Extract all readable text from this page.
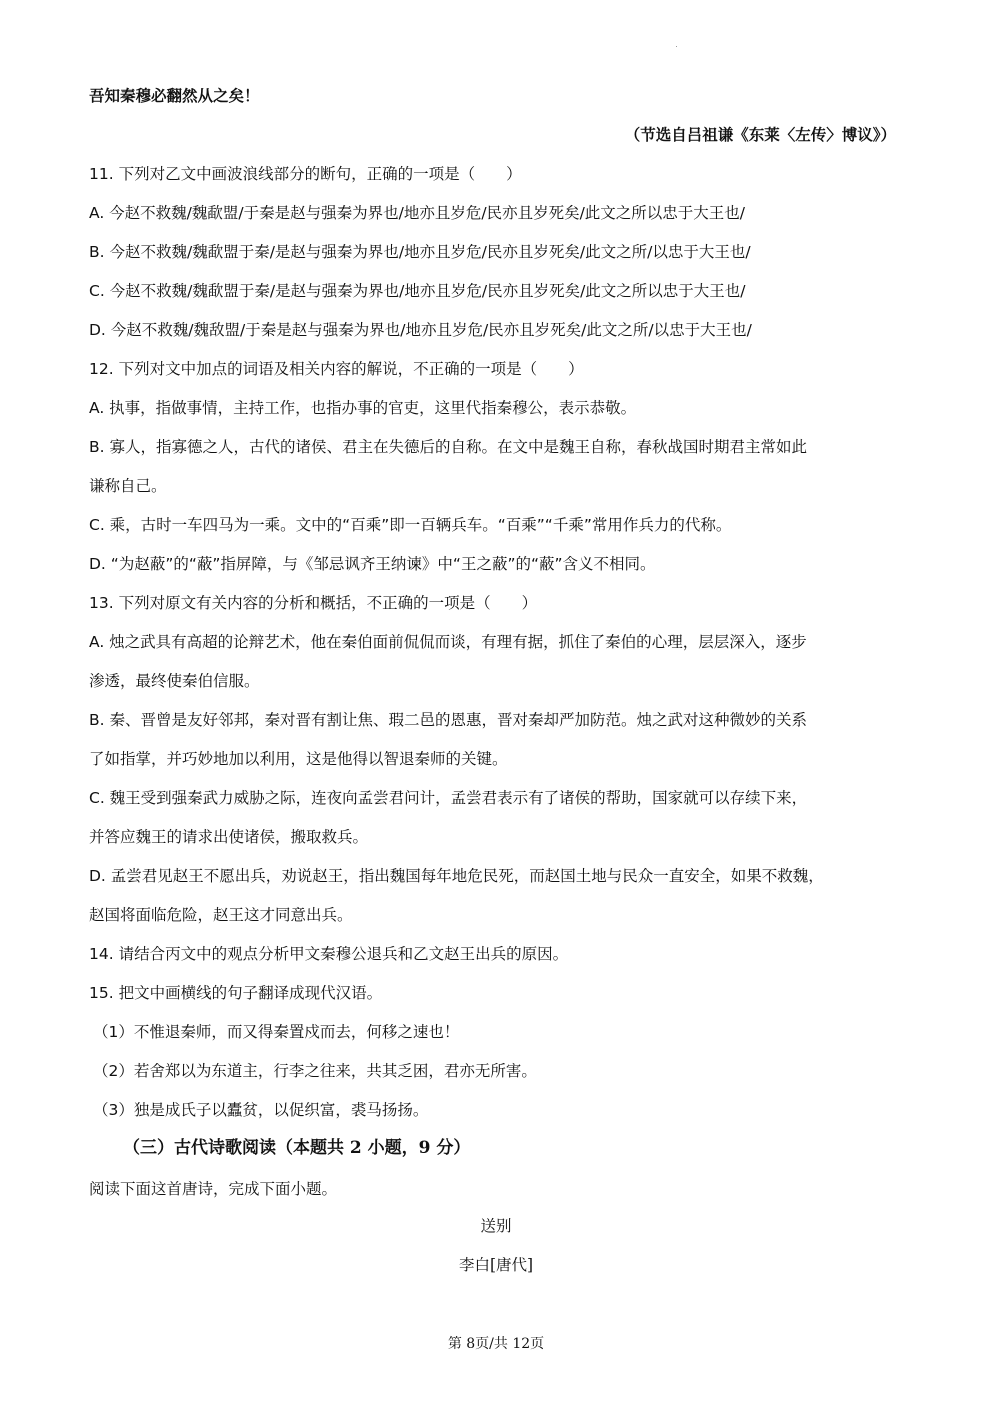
吾知秦穆必翻然从之矣！
（节选自吕祖谦《东莱〈左传〉博议》）
11. 下列对乙文中画波浪线部分的断句，正确的一项是（　　）
A. 今赵不救魏/魏歃盟/于秦是赵与强秦为界也/地亦且岁危/民亦且岁死矣/此文之所以忠于大王也/
B. 今赵不救魏/魏歃盟于秦/是赵与强秦为界也/地亦且岁危/民亦且岁死矣/此文之所/以忠于大王也/
C. 今赵不救魏/魏歃盟于秦/是赵与强秦为界也/地亦且岁危/民亦且岁死矣/此文之所以忠于大王也/
D. 今赵不救魏/魏敌盟/于秦是赵与强秦为界也/地亦且岁危/民亦且岁死矣/此文之所/以忠于大王也/
12. 下列对文中加点的词语及相关内容的解说，不正确的一项是（　　）
A. 执事，指做事情，主持工作，也指办事的官吏，这里代指秦穆公，表示恭敬。
B. 寡人，指寡德之人，古代的诸侯、君主在失德后的自称。在文中是魏王自称，春秋战国时期君主常如此
谦称自己。
C. 乘，古时一车四马为一乘。文中的“百乘”即一百辆兵车。“百乘”“千乘”常用作兵力的代称。
D. “为赵蔽”的“蔽”指屏障，与《邹忌讽齐王纳谏》中“王之蔽”的“蔽”含义不相同。
13. 下列对原文有关内容的分析和概括，不正确的一项是（　　）
A. 烛之武具有高超的论辩艺术，他在秦伯面前侃侃而谈，有理有据，抓住了秦伯的心理，层层深入，逐步
渗透，最终使秦伯信服。
B. 秦、晋曾是友好邻邦，秦对晋有割让焦、瑕二邑的恩惠，晋对秦却严加防范。烛之武对这种微妙的关系
了如指掌，并巧妙地加以利用，这是他得以智退秦师的关键。
C. 魏王受到强秦武力威胁之际，连夜向孟尝君问计，孟尝君表示有了诸侯的帮助，国家就可以存续下来，
并答应魏王的请求出使诸侯，搬取救兵。
D. 孟尝君见赵王不愿出兵，劝说赵王，指出魏国每年地危民死，而赵国土地与民众一直安全，如果不救魏，
赵国将面临危险，赵王这才同意出兵。
14. 请结合丙文中的观点分析甲文秦穆公退兵和乙文赵王出兵的原因。
15. 把文中画横线的句子翻译成现代汉语。
（1）不惟退秦师，而又得秦置戍而去，何移之速也！
（2）若舍郑以为东道主，行李之往来，共其乏困，君亦无所害。
（3）独是成氏子以蠹贫，以促织富，裘马扬扬。
（三）古代诗歌阅读（本题共 2 小题，9 分）
阅读下面这首唐诗，完成下面小题。
送别
李白[唐代]
第 8页/共 12页
